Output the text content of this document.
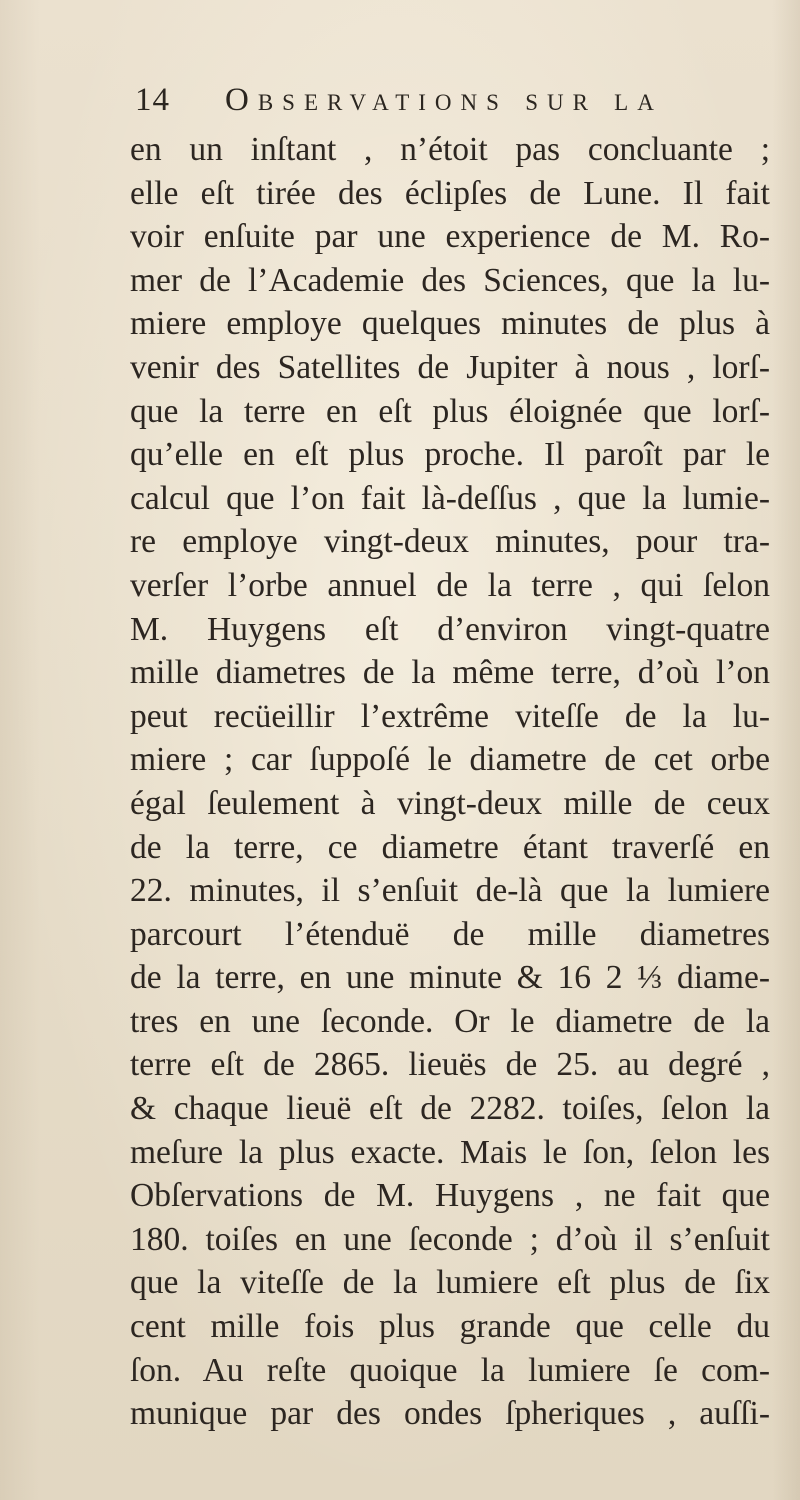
14	Observations sur la
en un inſtant , n’étoit pas concluante ;
elle eſt tirée des éclipſes de Lune. Il fait
voir enſuite par une experience de M. Ro-
mer de l’Academie des Sciences, que la lu-
miere employe quelques minutes de plus à
venir des Satellites de Jupiter à nous , lorſ-
que la terre en eſt plus éloignée que lorſ-
qu’elle en eſt plus proche. Il paroît par le
calcul que l’on fait là-deſſus , que la lumie-
re employe vingt-deux minutes, pour tra-
verſer l’orbe annuel de la terre , qui ſelon
M. Huygens eſt d’environ vingt-quatre
mille diametres de la même terre, d’où l’on
peut recüeillir l’extrême viteſſe de la lu-
miere ; car ſuppoſé le diametre de cet orbe
égal ſeulement à vingt-deux mille de ceux
de la terre, ce diametre étant traverſé en
22. minutes, il s’enſuit de-là que la lumiere
parcourt l’étenduë de mille diametres
de la terre, en une minute & 16 2 ⅓ diame-
tres en une ſeconde. Or le diametre de la
terre eſt de 2865. lieuës de 25. au degré ,
& chaque lieuë eſt de 2282. toiſes, ſelon la
meſure la plus exacte. Mais le ſon, ſelon les
Obſervations de M. Huygens , ne fait que
180. toiſes en une ſeconde ; d’où il s’enſuit
que la viteſſe de la lumiere eſt plus de ſix
cent mille fois plus grande que celle du
ſon. Au reſte quoique la lumiere ſe com-
munique par des ondes ſpheriques , auſſi-
